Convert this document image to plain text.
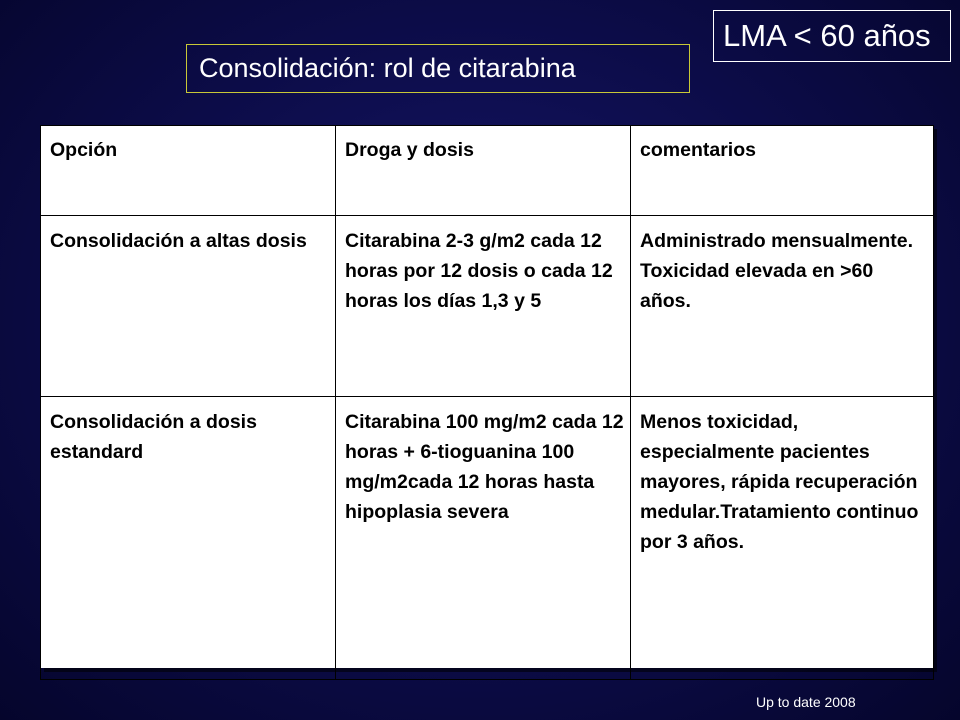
LMA < 60 años
Consolidación: rol de citarabina
Opción	Droga y dosis	comentarios
Consolidación a altas dosis	Citarabina 2-3 g/m2 cada 12 horas por 12 dosis o cada 12 horas los días 1,3 y 5	Administrado mensualmente. Toxicidad elevada en >60 años.
Consolidación a dosis estandard	Citarabina 100 mg/m2 cada 12 horas + 6-tioguanina 100 mg/m2cada 12 horas hasta hipoplasia severa	Menos toxicidad, especialmente pacientes mayores, rápida recuperación medular.Tratamiento continuo por 3 años.
Up to date 2008
